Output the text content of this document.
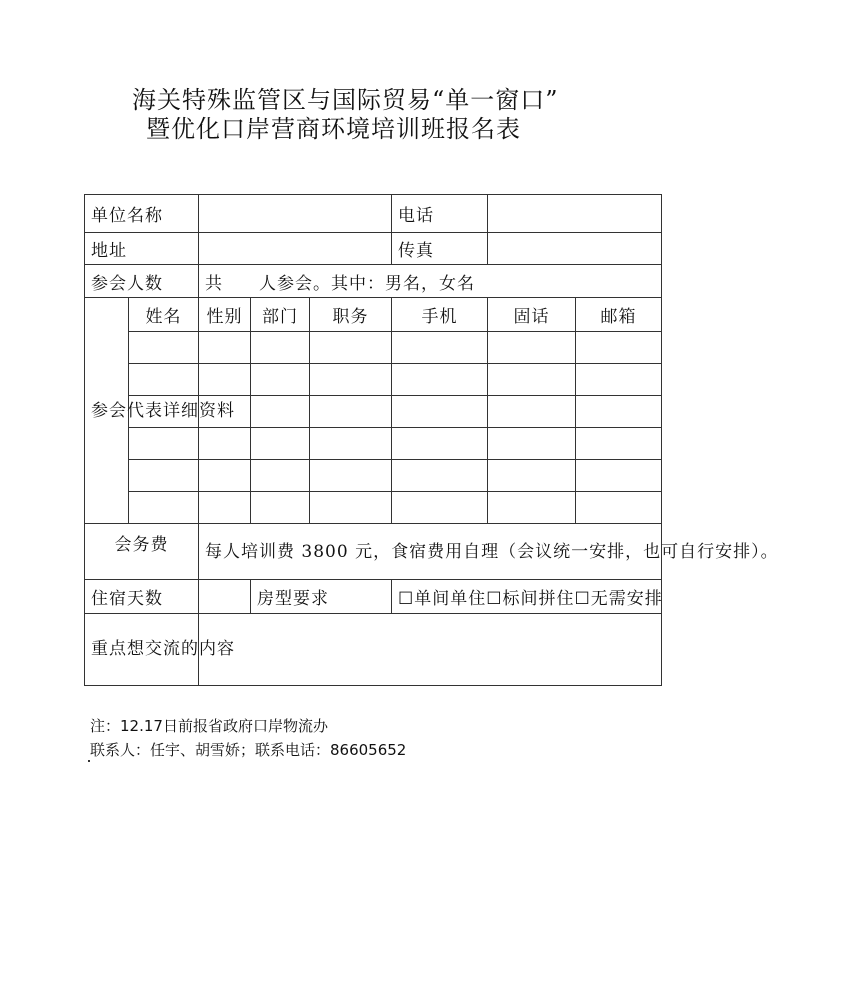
海关特殊监管区与国际贸易“单一窗口”
暨优化口岸营商环境培训班报名表
单位名称					电话		
地址					传真		
参会人数		共　　人参会。其中：男名，女名					
参会代表详细资料	姓名	性别	部门	职务	手机	固话	邮箱

会务费		每人培训费 3800 元，食宿费用自理（会议统一安排，也可自行安排）。					
住宿天数			房型要求		☐单间单住☐标间拼住☐无需安排		
重点想交流的内容							
注：12.17日前报省政府口岸物流办
联系人：任宇、胡雪娇；联系电话：86605652
